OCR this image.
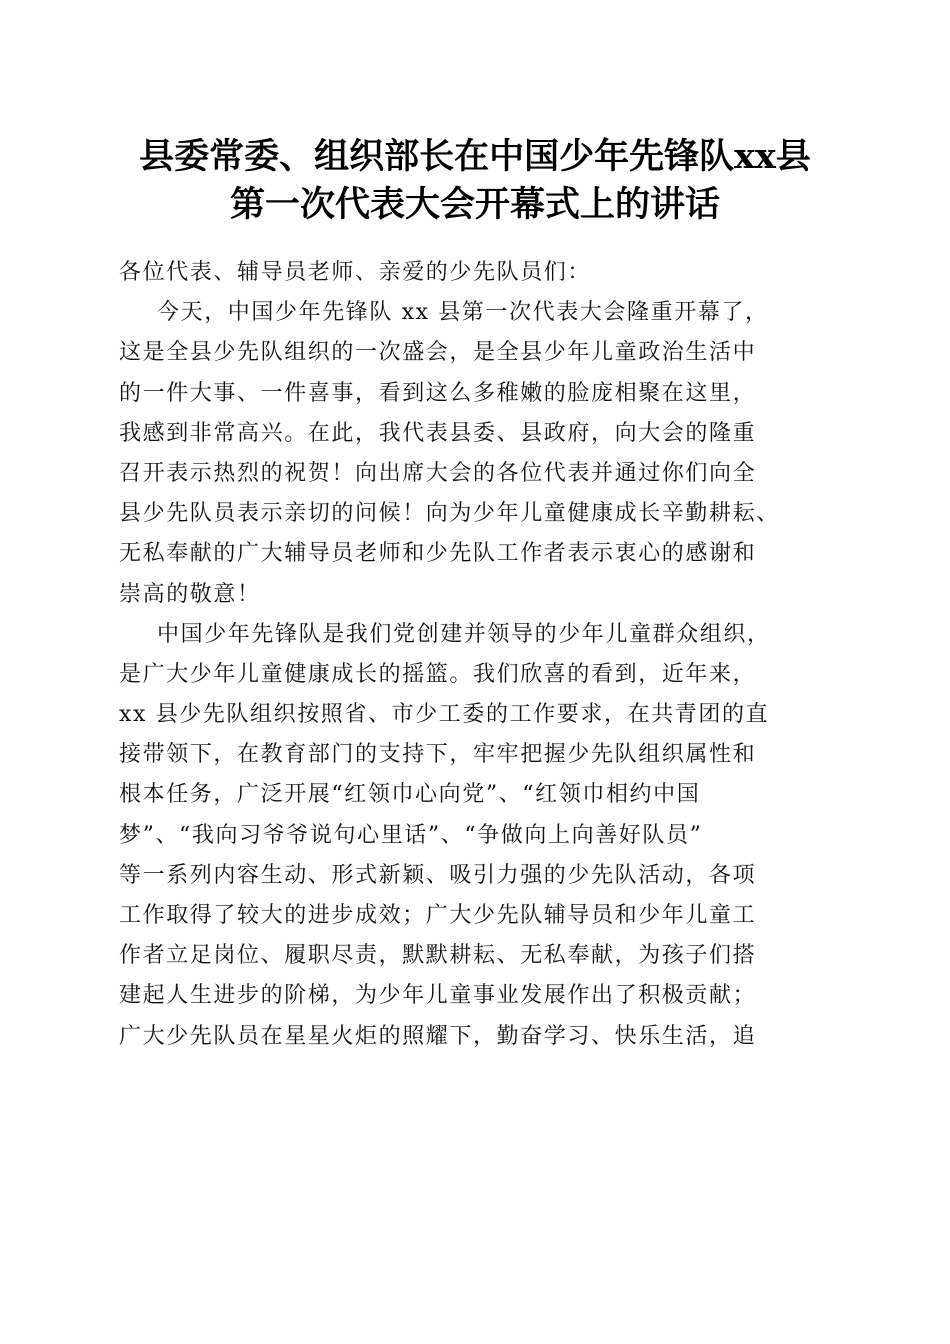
县委常委、组织部长在中国少年先锋队xx县
第一次代表大会开幕式上的讲话
各位代表、辅导员老师、亲爱的少先队员们：
今天，中国少年先锋队 xx 县第一次代表大会隆重开幕了，
这是全县少先队组织的一次盛会，是全县少年儿童政治生活中
的一件大事、一件喜事，看到这么多稚嫩的脸庞相聚在这里，
我感到非常高兴。在此，我代表县委、县政府，向大会的隆重
召开表示热烈的祝贺！向出席大会的各位代表并通过你们向全
县少先队员表示亲切的问候！向为少年儿童健康成长辛勤耕耘、
无私奉献的广大辅导员老师和少先队工作者表示衷心的感谢和
崇高的敬意！
中国少年先锋队是我们党创建并领导的少年儿童群众组织，
是广大少年儿童健康成长的摇篮。我们欣喜的看到，近年来，
xx 县少先队组织按照省、市少工委的工作要求，在共青团的直
接带领下，在教育部门的支持下，牢牢把握少先队组织属性和
根本任务，广泛开展“红领巾心向党”、“红领巾相约中国
梦”、“我向习爷爷说句心里话”、“争做向上向善好队员”
等一系列内容生动、形式新颖、吸引力强的少先队活动，各项
工作取得了较大的进步成效；广大少先队辅导员和少年儿童工
作者立足岗位、履职尽责，默默耕耘、无私奉献，为孩子们搭
建起人生进步的阶梯，为少年儿童事业发展作出了积极贡献；
广大少先队员在星星火炬的照耀下，勤奋学习、快乐生活，追
